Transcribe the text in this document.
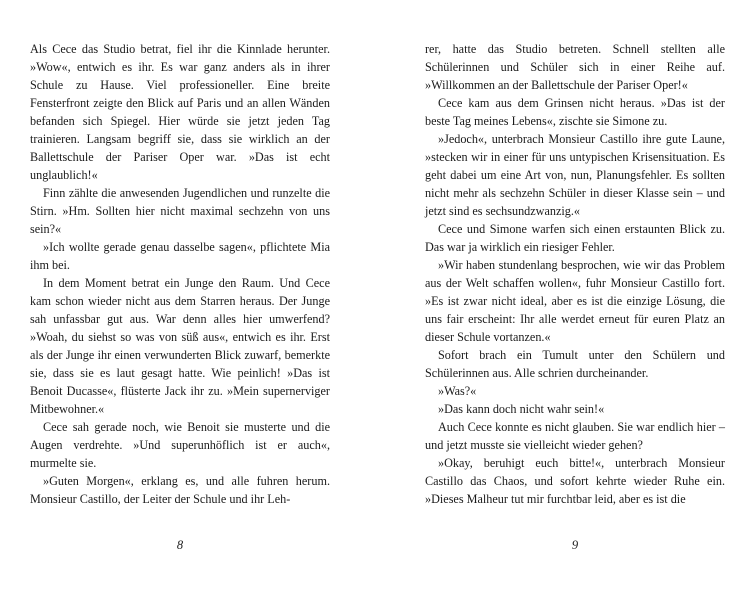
Als Cece das Studio betrat, fiel ihr die Kinnlade herunter. »Wow«, entwich es ihr. Es war ganz anders als in ihrer Schule zu Hause. Viel professioneller. Eine breite Fensterfront zeigte den Blick auf Paris und an allen Wänden befanden sich Spiegel. Hier würde sie jetzt jeden Tag trainieren. Langsam begriff sie, dass sie wirklich an der Ballettschule der Pariser Oper war. »Das ist echt unglaublich!«

Finn zählte die anwesenden Jugendlichen und runzelte die Stirn. »Hm. Sollten hier nicht maximal sechzehn von uns sein?«

»Ich wollte gerade genau dasselbe sagen«, pflichtete Mia ihm bei.

In dem Moment betrat ein Junge den Raum. Und Cece kam schon wieder nicht aus dem Starren heraus. Der Junge sah unfassbar gut aus. War denn alles hier umwerfend? »Woah, du siehst so was von süß aus«, entwich es ihr. Erst als der Junge ihr einen verwunderten Blick zuwarf, bemerkte sie, dass sie es laut gesagt hatte. Wie peinlich! »Das ist Benoit Ducasse«, flüsterte Jack ihr zu. »Mein supernerviger Mitbewohner.«

Cece sah gerade noch, wie Benoit sie musterte und die Augen verdrehte. »Und superunhöflich ist er auch«, murmelte sie.

»Guten Morgen«, erklang es, und alle fuhren herum. Monsieur Castillo, der Leiter der Schule und ihr Leh-

8

rer, hatte das Studio betreten. Schnell stellten alle Schülerinnen und Schüler sich in einer Reihe auf. »Willkommen an der Ballettschule der Pariser Oper!«

Cece kam aus dem Grinsen nicht heraus. »Das ist der beste Tag meines Lebens«, zischte sie Simone zu.

»Jedoch«, unterbrach Monsieur Castillo ihre gute Laune, »stecken wir in einer für uns untypischen Krisensituation. Es geht dabei um eine Art von, nun, Planungsfehler. Es sollten nicht mehr als sechzehn Schüler in dieser Klasse sein – und jetzt sind es sechsundzwanzig.«

Cece und Simone warfen sich einen erstaunten Blick zu. Das war ja wirklich ein riesiger Fehler.

»Wir haben stundenlang besprochen, wie wir das Problem aus der Welt schaffen wollen«, fuhr Monsieur Castillo fort. »Es ist zwar nicht ideal, aber es ist die einzige Lösung, die uns fair erscheint: Ihr alle werdet erneut für euren Platz an dieser Schule vortanzen.«

Sofort brach ein Tumult unter den Schülern und Schülerinnen aus. Alle schrien durcheinander.

»Was?«

»Das kann doch nicht wahr sein!«

Auch Cece konnte es nicht glauben. Sie war endlich hier – und jetzt musste sie vielleicht wieder gehen?

»Okay, beruhigt euch bitte!«, unterbrach Monsieur Castillo das Chaos, und sofort kehrte wieder Ruhe ein. »Dieses Malheur tut mir furchtbar leid, aber es ist die

9
